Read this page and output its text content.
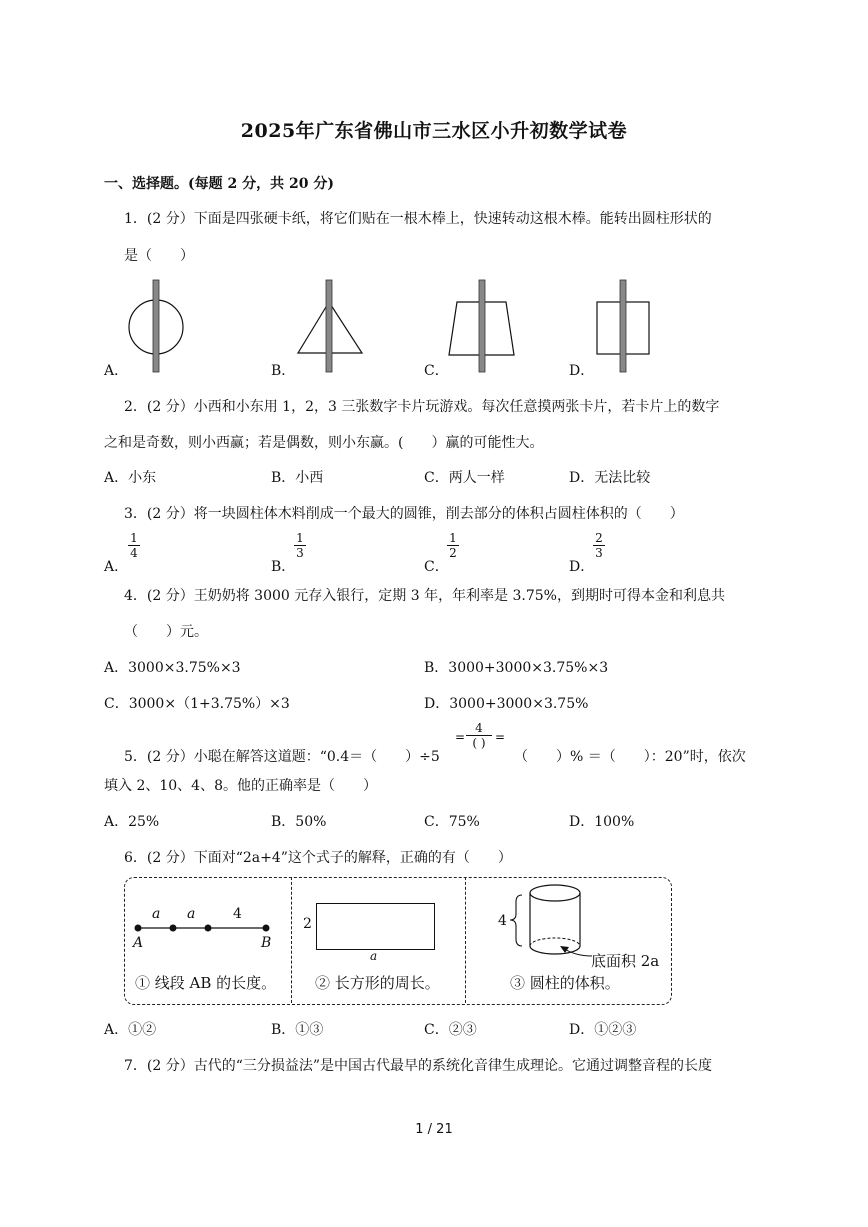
2025年广东省佛山市三水区小升初数学试卷
一、选择题。(每题 2 分，共 20 分)
1．(2 分）下面是四张硬卡纸，将它们贴在一根木棒上，快速转动这根木棒。能转出圆柱形状的
是（　　）
A．	B．	C．	D．
2．(2 分）小西和小东用 1，2，3 三张数字卡片玩游戏。每次任意摸两张卡片，若卡片上的数字
之和是奇数，则小西赢；若是偶数，则小东赢。(　　）赢的可能性大。
A．小东	B．小西	C．两人一样	D．无法比较
3．(2 分）将一块圆柱体木料削成一个最大的圆锥，削去部分的体积占圆柱体积的（　　）
A．
$\frac{1}{4}$
B．
$\frac{1}{3}$
C．
$\frac{1}{2}$
D．
$\frac{2}{3}$
4．(2 分）王奶奶将 3000 元存入银行，定期 3 年，年利率是 3.75%，到期时可得本金和利息共
（　　）元。
A．3000×3.75%×3	B．3000+3000×3.75%×3
C．3000×（1+3.75%）×3	D．3000+3000×3.75%
5．(2 分）小聪在解答这道题：“0.4＝（　　）÷5
=
4
( ) =
（　　）% ＝（　　）：20”时，依次
填入 2、10、4、8。他的正确率是（　　）
A．25%	B．50%	C．75%	D．100%
6．(2 分）下面对“2a+4”这个式子的解释，正确的有（　　）
a a	4
A	B
① 线段 AB 的长度。
2
a
② 长方形的周长。
4
底面积 2a
③ 圆柱的体积。
A．①②	B．①③	C．②③	D．①②③
7．(2 分）古代的“三分损益法”是中国古代最早的系统化音律生成理论。它通过调整音程的长度
1 / 21
